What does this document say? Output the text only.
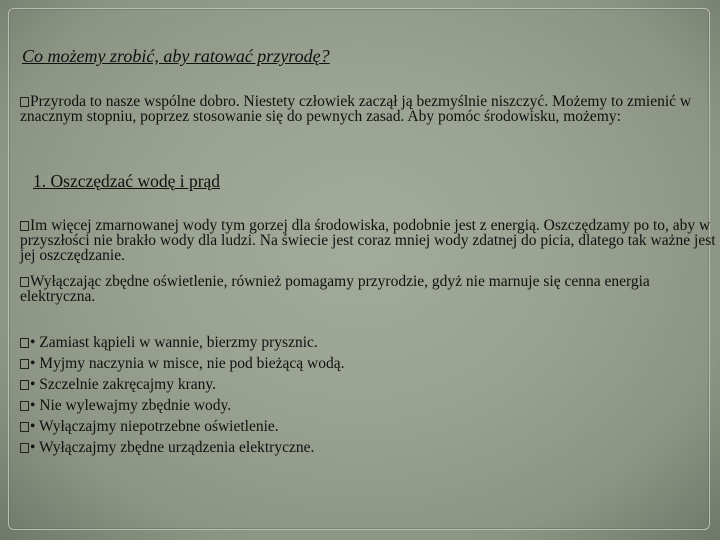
Co możemy zrobić, aby ratować przyrodę?

Przyroda to nasze wspólne dobro. Niestety człowiek zaczął ją bezmyślnie niszczyć. Możemy to zmienić w znacznym stopniu, poprzez stosowanie się do pewnych zasad. Aby pomóc środowisku, możemy:

1. Oszczędzać wodę i prąd

Im więcej zmarnowanej wody tym gorzej dla środowiska, podobnie jest z energią. Oszczędzamy po to, aby w przyszłości nie brakło wody dla ludzi. Na świecie jest coraz mniej wody zdatnej do picia, dlatego tak ważne jest jej oszczędzanie.

Wyłączając zbędne oświetlenie, również pomagamy przyrodzie, gdyż nie marnuje się cenna energia elektryczna.

• Zamiast kąpieli w wannie, bierzmy prysznic.
• Myjmy naczynia w misce, nie pod bieżącą wodą.
• Szczelnie zakręcajmy krany.
• Nie wylewajmy zbędnie wody.
• Wyłączajmy niepotrzebne oświetlenie.
• Wyłączajmy zbędne urządzenia elektryczne.
